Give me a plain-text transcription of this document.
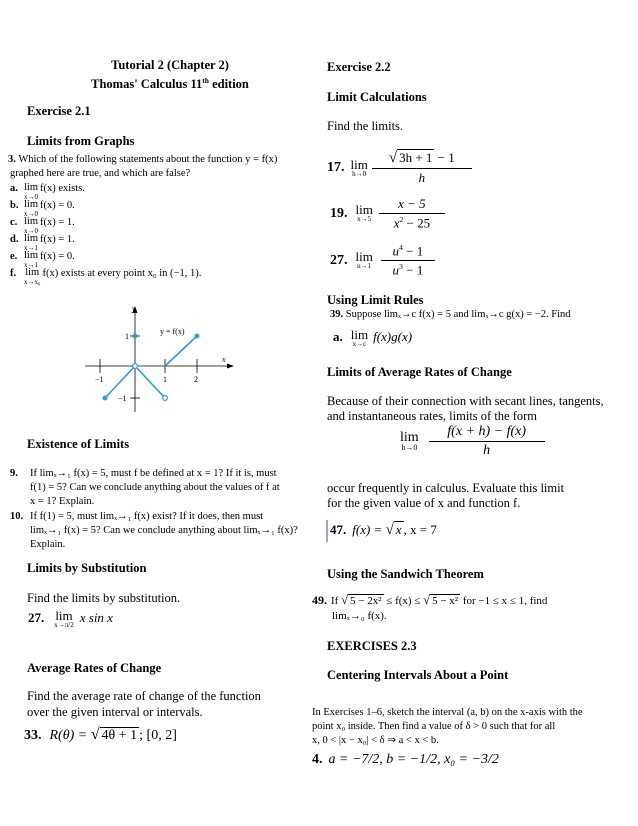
Tutorial 2 (Chapter 2)
Thomas' Calculus 11th edition
Exercise 2.1
Limits from Graphs
3. Which of the following statements about the function y = f(x)
graphed here are true, and which are false?
a. lim
x→0
f(x) exists.
b. lim
x→0
f(x) = 0.
c. lim
x→0
f(x) = 1.
d. lim
x→1
f(x) = 1.
e. lim
x→1
f(x) = 0.
f. lim
x→x₀
f(x) exists at every point x₀ in (−1, 1).
y
x
y = f(x)
1
−1
−1	1	2
Existence of Limits
9.	If limₓ→₁ f(x) = 5, must f be defined at x = 1? If it is, must
f(1) = 5? Can we conclude anything about the values of f at
x = 1? Explain.
10. If f(1) = 5, must limₓ→₁ f(x) exist? If it does, then must
limₓ→₁ f(x) = 5? Can we conclude anything about limₓ→₁ f(x)?
Explain.
Limits by Substitution
Find the limits by substitution.
27. lim
x→π/2 x sin x
Average Rates of Change
Find the average rate of change of the function
over the given interval or intervals.
33. R(θ) = √ 4θ + 1 ; [0, 2]
Exercise 2.2
Limit Calculations
Find the limits.
17. lim
$h\to 0 \frac{√ 3h + 1 - 1}{h}$
19. lim
$x\to 5 \frac{x - 5}{x^2 - 25}$
27. lim
$u\to 1 \frac{u^4 - 1}{u^3 - 1}$
Using Limit Rules
39. Suppose limₓ→c f(x) = 5 and limₓ→c g(x) = −2. Find
a. lim
x→c f(x)g(x)
Limits of Average Rates of Change
Because of their connection with secant lines, tangents,
and instantaneous rates, limits of the form
lim
$h\to 0 \frac{f(x + h) - f(x)}{h}$
occur frequently in calculus. Evaluate this limit
for the given value of x and function f.
47. f(x) = √ x , x = 7
Using the Sandwich Theorem
49. If √ 5 − 2x² ≤ f(x) ≤ √ 5 − x² for −1 ≤ x ≤ 1, find
limₓ→₀ f(x).
EXERCISES 2.3
Centering Intervals About a Point
In Exercises 1–6, sketch the interval (a, b) on the x-axis with the
point x₀ inside. Then find a value of δ > 0 such that for all
x, 0 < |x − x₀| < δ ⇒ a < x < b.
4. a = −7/2, b = −1/2, x₀ = −3/2
